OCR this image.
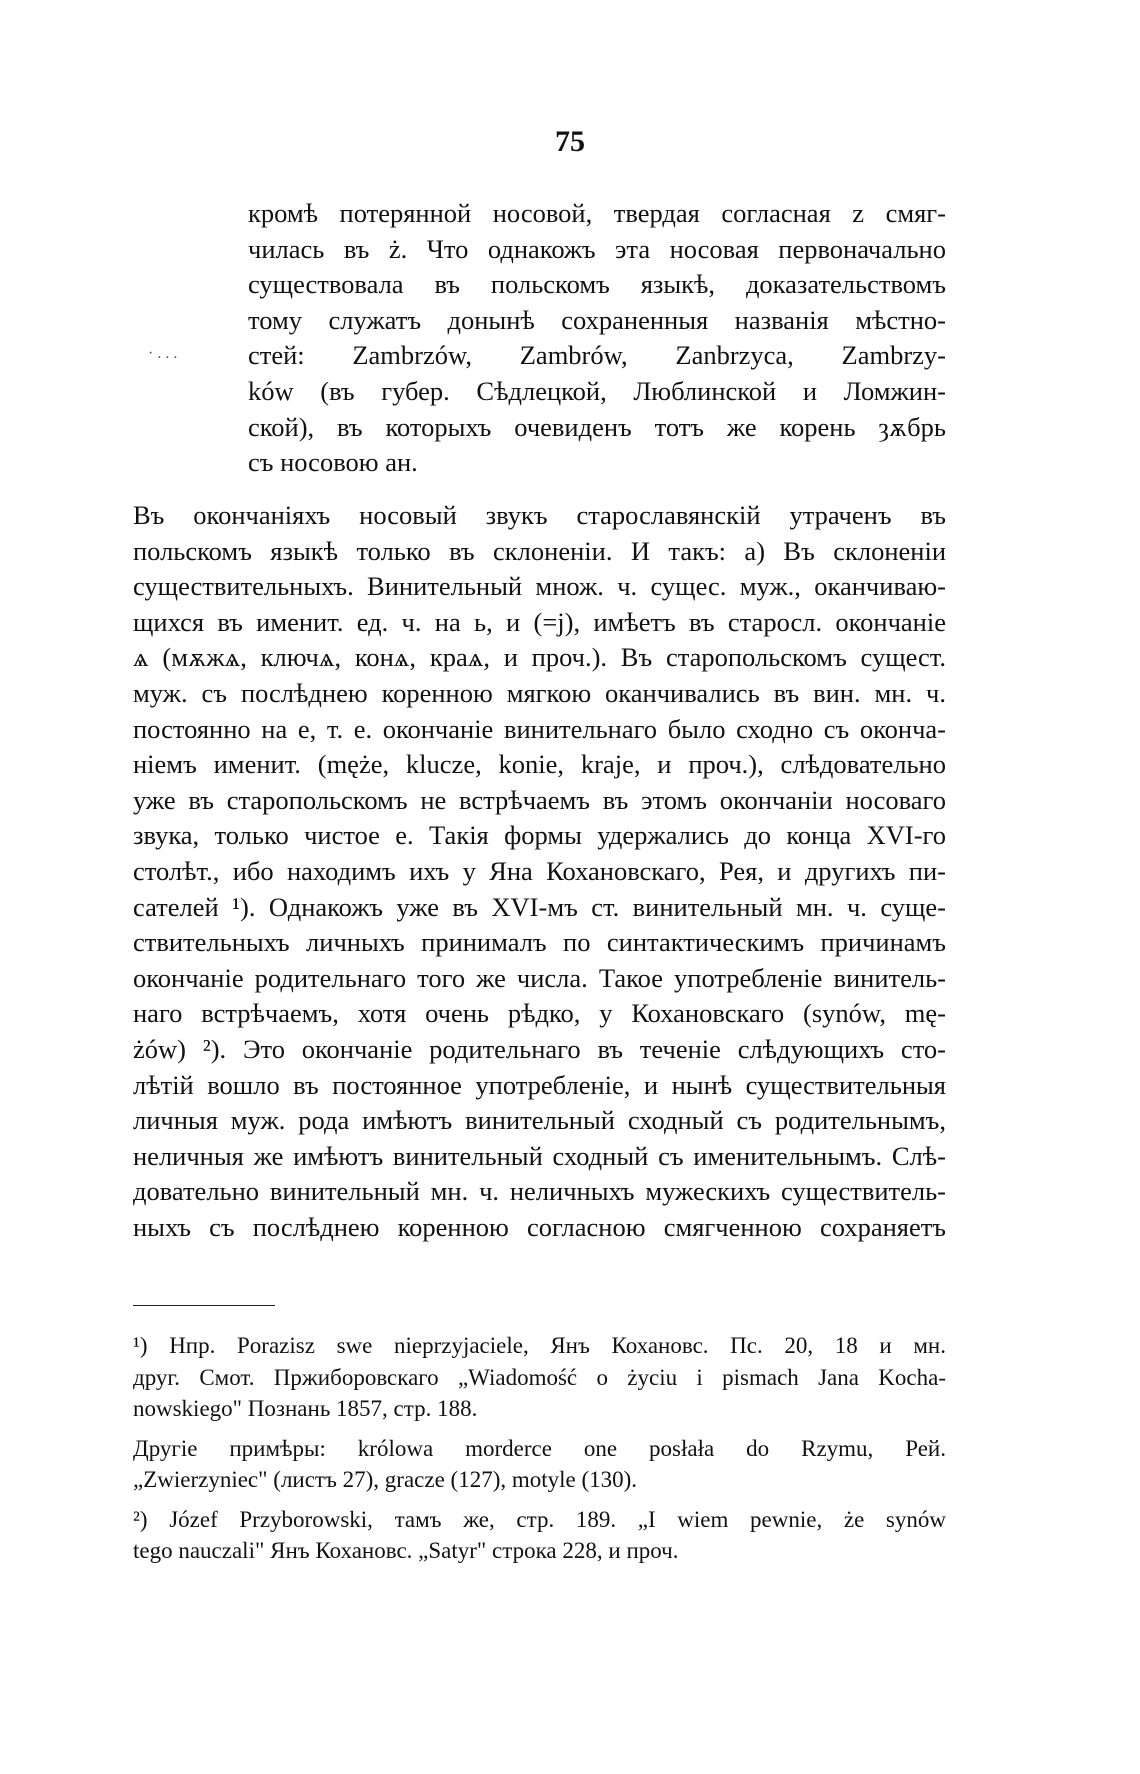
75
· . . .
кромѣ потерянной носовой, твердая согласная z смяг-
чилась въ ż. Что однакожъ эта носовая первоначально
существовала въ польскомъ языкѣ, доказательствомъ
тому служатъ донынѣ сохраненныя названія мѣстно-
стей: Zambrzów, Zambrów, Zanbrzyca, Zambrzy-
ków (въ губер. Сѣдлецкой, Люблинской и Ломжин-
ской), въ которыхъ очевиденъ тотъ же корень ȝѫбрь
съ носовою ан.
Въ окончаніяхъ носовый звукъ старославянскій утраченъ въ
польскомъ языкѣ только въ склоненіи. И такъ: a) Въ склоненіи
существительныхъ. Винительный множ. ч. сущес. муж., оканчиваю-
щихся въ именит. ед. ч. на ь, и (=j), имѣетъ въ старосл. окончаніе
ѧ (мѫжѧ, ключѧ, конѧ, краѧ, и проч.). Въ старопольскомъ сущест.
муж. съ послѣднею коренною мягкою оканчивались въ вин. мн. ч.
постоянно на e, т. е. окончаніе винительнаго было сходно съ оконча-
ніемъ именит. (męże, klucze, konie, kraje, и проч.), слѣдовательно
уже въ старопольскомъ не встрѣчаемъ въ этомъ окончаніи носоваго
звука, только чистое e. Такія формы удержались до конца XVI-го
столѣт., ибо находимъ ихъ у Яна Кохановскаго, Рея, и другихъ пи-
сателей ¹). Однакожъ уже въ XVI-мъ ст. винительный мн. ч. суще-
ствительныхъ личныхъ принималъ по синтактическимъ причинамъ
окончаніе родительнаго того же числа. Такое употребленіе винитель-
наго встрѣчаемъ, хотя очень рѣдко, у Кохановскаго (synów, mę-
żów) ²). Это окончаніе родительнаго въ теченіе слѣдующихъ сто-
лѣтій вошло въ постоянное употребленіе, и нынѣ существительныя
личныя муж. рода имѣютъ винительный сходный съ родительнымъ,
неличныя же имѣютъ винительный сходный съ именительнымъ. Слѣ-
довательно винительный мн. ч. неличныхъ мужескихъ существитель-
ныхъ съ послѣднею коренною согласною смягченною сохраняетъ
¹) Нпр. Porazisz swe nieprzyjaciele, Янъ Кохановс. Пс. 20, 18 и мн.
друг. Смот. Пржиборовскаго „Wiadomość o życiu i pismach Jana Kocha-
nowskiego" Познань 1857, стр. 188.
Другіе примѣры: królowa morderce one posłała do Rzymu, Рей.
„Zwierzyniec" (листъ 27), gracze (127), motyle (130).
²) Józef Przyborowski, тамъ же, стр. 189. „I wiem pewnie, że synów
tego nauczali" Янъ Кохановс. „Satyr" строка 228, и проч.
